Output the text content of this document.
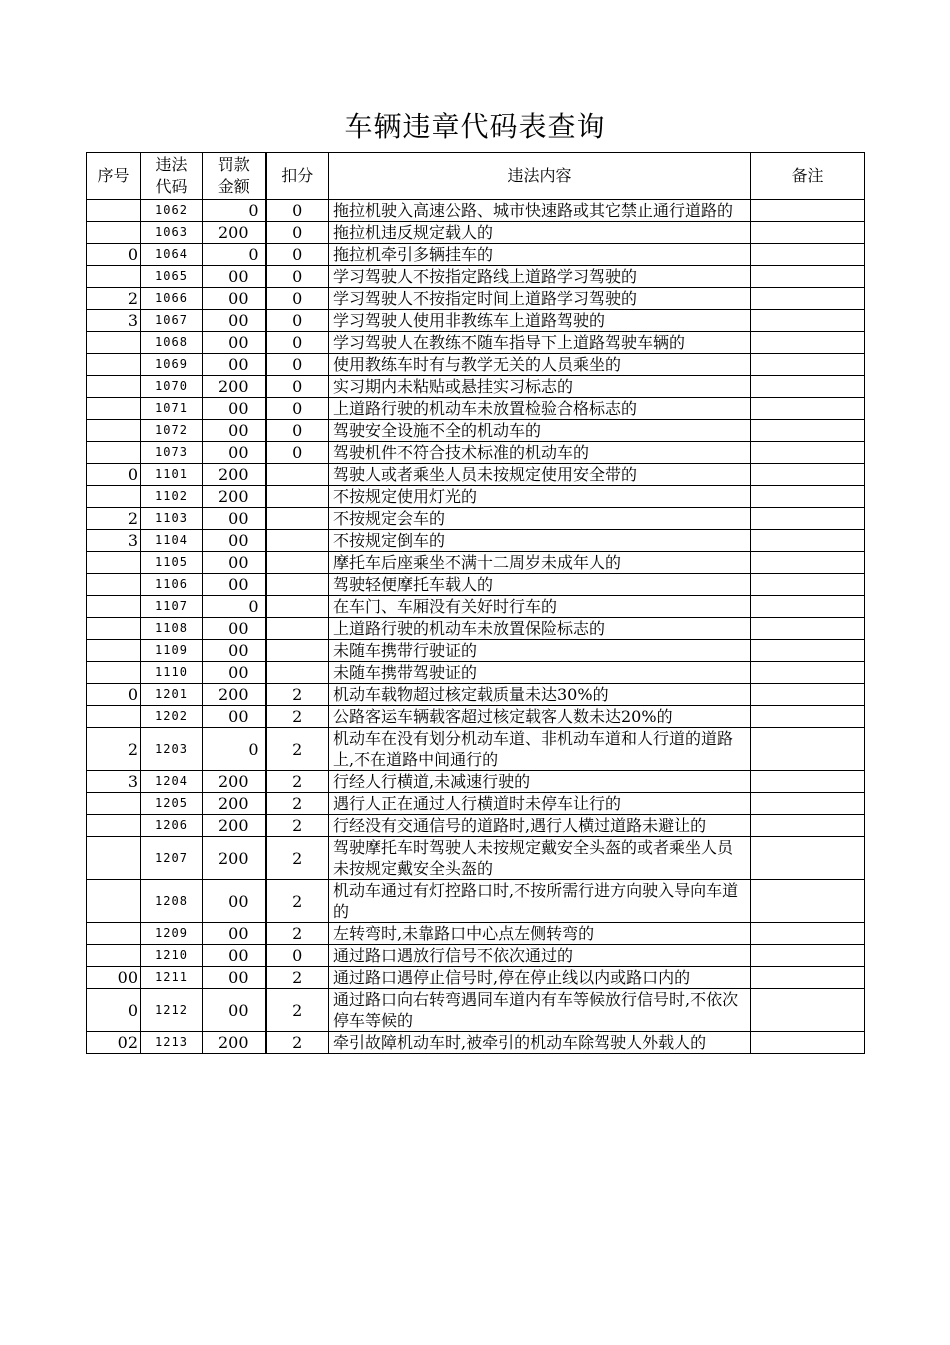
车辆违章代码表查询
序号	违法代码	罚款金额	扣分	违法内容	备注
	1062	0	0	拖拉机驶入高速公路、城市快速路或其它禁止通行道路的	
	1063	200	0	拖拉机违反规定载人的	
0	1064	0	0	拖拉机牵引多辆挂车的	
	1065	00	0	学习驾驶人不按指定路线上道路学习驾驶的	
2	1066	00	0	学习驾驶人不按指定时间上道路学习驾驶的	
3	1067	00	0	学习驾驶人使用非教练车上道路驾驶的	
	1068	00	0	学习驾驶人在教练不随车指导下上道路驾驶车辆的	
	1069	00	0	使用教练车时有与教学无关的人员乘坐的	
	1070	200	0	实习期内未粘贴或悬挂实习标志的	
	1071	00	0	上道路行驶的机动车未放置检验合格标志的	
	1072	00	0	驾驶安全设施不全的机动车的	
	1073	00	0	驾驶机件不符合技术标准的机动车的	
0	1101	200		驾驶人或者乘坐人员未按规定使用安全带的	
	1102	200		不按规定使用灯光的	
2	1103	00		不按规定会车的	
3	1104	00		不按规定倒车的	
	1105	00		摩托车后座乘坐不满十二周岁未成年人的	
	1106	00		驾驶轻便摩托车载人的	
	1107	0		在车门、车厢没有关好时行车的	
	1108	00		上道路行驶的机动车未放置保险标志的	
	1109	00		未随车携带行驶证的	
	1110	00		未随车携带驾驶证的	
0	1201	200	2	机动车载物超过核定载质量未达30%的	
	1202	00	2	公路客运车辆载客超过核定载客人数未达20%的	
2	1203	0	2	机动车在没有划分机动车道、非机动车道和人行道的道路上,不在道路中间通行的	
3	1204	200	2	行经人行横道,未减速行驶的	
	1205	200	2	遇行人正在通过人行横道时未停车让行的	
	1206	200	2	行经没有交通信号的道路时,遇行人横过道路未避让的	
	1207	200	2	驾驶摩托车时驾驶人未按规定戴安全头盔的或者乘坐人员未按规定戴安全头盔的	
	1208	00	2	机动车通过有灯控路口时,不按所需行进方向驶入导向车道的	
	1209	00	2	左转弯时,未靠路口中心点左侧转弯的	
	1210	00	0	通过路口遇放行信号不依次通过的	
00	1211	00	2	通过路口遇停止信号时,停在停止线以内或路口内的	
0	1212	00	2	通过路口向右转弯遇同车道内有车等候放行信号时,不依次停车等候的	
02	1213	200	2	牵引故障机动车时,被牵引的机动车除驾驶人外载人的	
